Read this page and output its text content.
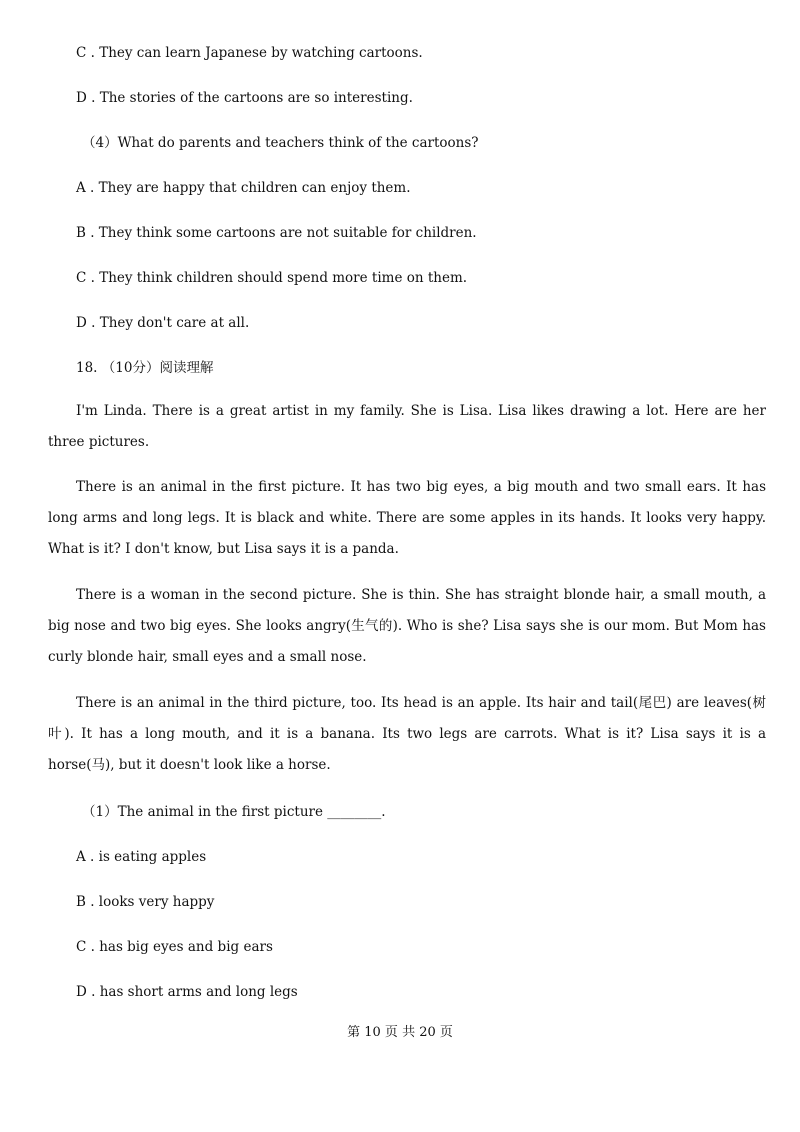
C . They can learn Japanese by watching cartoons.
D . The stories of the cartoons are so interesting.
（4）What do parents and teachers think of the cartoons?
A . They are happy that children can enjoy them.
B . They think some cartoons are not suitable for children.
C . They think children should spend more time on them.
D . They don't care at all.
18. （10分）阅读理解
I'm Linda. There is a great artist in my family. She is Lisa. Lisa likes drawing a lot. Here are her three pictures.
There is an animal in the first picture. It has two big eyes, a big mouth and two small ears. It has long arms and long legs. It is black and white. There are some apples in its hands. It looks very happy. What is it? I don't know, but Lisa says it is a panda.
There is a woman in the second picture. She is thin. She has straight blonde hair, a small mouth, a big nose and two big eyes. She looks angry(生气的). Who is she? Lisa says she is our mom. But Mom has curly blonde hair, small eyes and a small nose.
There is an animal in the third picture, too. Its head is an apple. Its hair and tail(尾巴) are leaves(树叶). It has a long mouth, and it is a banana. Its two legs are carrots. What is it? Lisa says it is a horse(马), but it doesn't look like a horse.
（1）The animal in the first picture ________.
A . is eating apples
B . looks very happy
C . has big eyes and big ears
D . has short arms and long legs
第 10 页 共 20 页
